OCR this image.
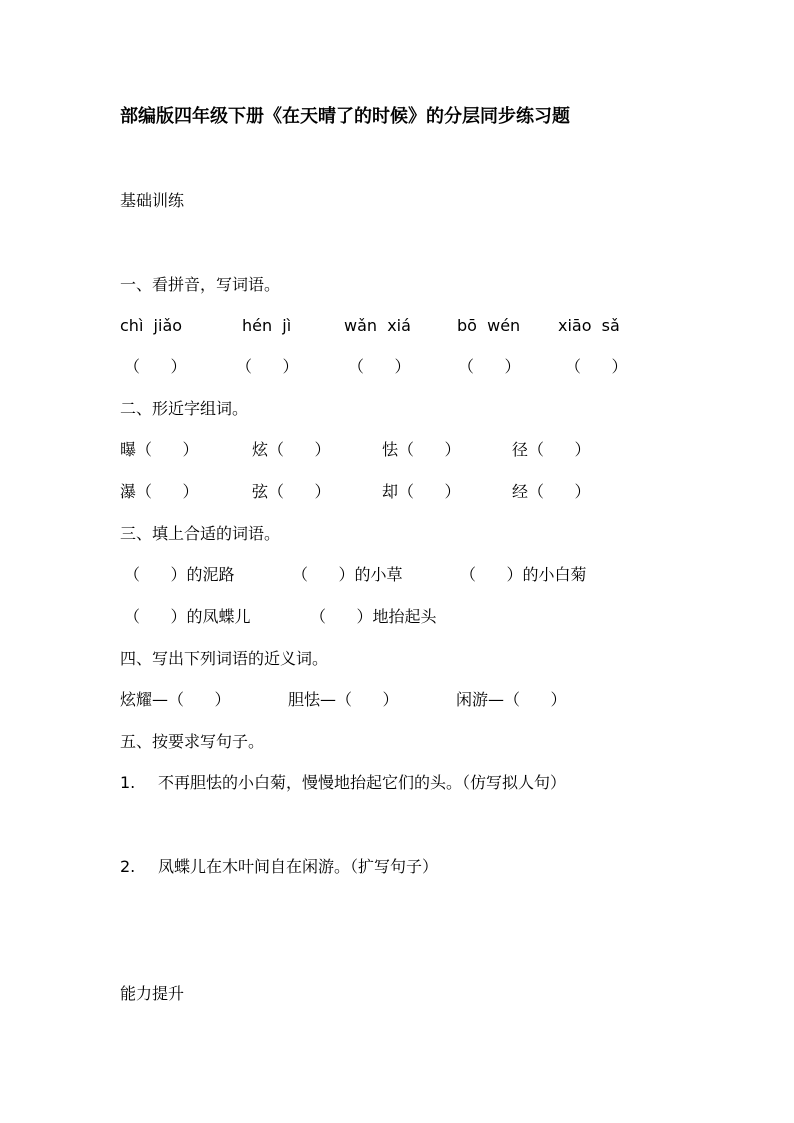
部编版四年级下册《在天晴了的时候》的分层同步练习题
基础训练
一、看拼音，写词语。
chì  jiǎo	hén  jì	wǎn  xiá	bō  wén xiāo  sǎ
（      ）	（      ）	（      ）	（      ）	（      ）
二、形近字组词。
曝（      ）	炫（      ）	怯（      ）	径（      ）
瀑（      ）	弦（      ）	却（      ）	经（      ）
三、填上合适的词语。
（      ）的泥路	（      ）的小草	（      ）的小白菊
（      ）的凤蝶儿	（      ）地抬起头
四、写出下列词语的近义词。
炫耀—（      ）	胆怯—（      ）	闲游—（      ）
五、按要求写句子。
1. 不再胆怯的小白菊，慢慢地抬起它们的头。（仿写拟人句）
2. 凤蝶儿在木叶间自在闲游。（扩写句子）
能力提升
